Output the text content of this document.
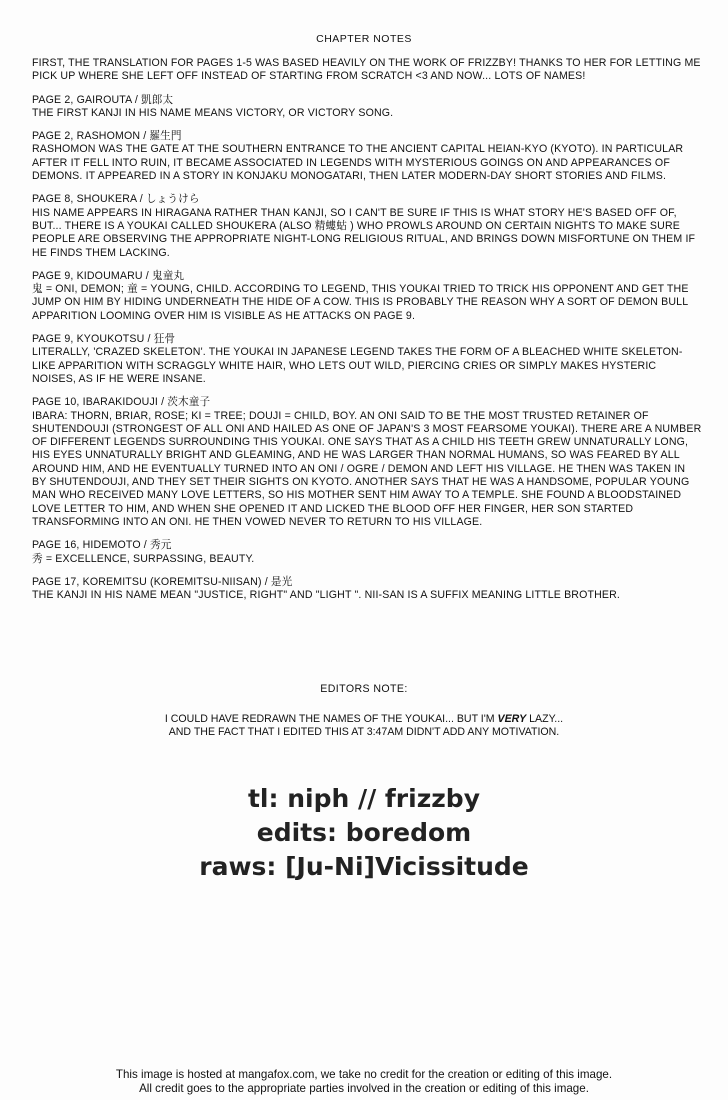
CHAPTER NOTES

FIRST, THE TRANSLATION FOR PAGES 1-5 WAS BASED HEAVILY ON THE WORK OF FRIZZBY! THANKS TO HER FOR LETTING ME PICK UP WHERE SHE LEFT OFF INSTEAD OF STARTING FROM SCRATCH <3 AND NOW... LOTS OF NAMES!

PAGE 2, GAIROUTA / 凱郎太

THE FIRST KANJI IN HIS NAME MEANS VICTORY, OR VICTORY SONG.

PAGE 2, RASHOMON / 羅生門

RASHOMON WAS THE GATE AT THE SOUTHERN ENTRANCE TO THE ANCIENT CAPITAL HEIAN-KYO (KYOTO). IN PARTICULAR AFTER IT FELL INTO RUIN, IT BECAME ASSOCIATED IN LEGENDS WITH MYSTERIOUS GOINGS ON AND APPEARANCES OF DEMONS. IT APPEARED IN A STORY IN KONJAKU MONOGATARI, THEN LATER MODERN-DAY SHORT STORIES AND FILMS.

PAGE 8, SHOUKERA / しょうけら

HIS NAME APPEARS IN HIRAGANA RATHER THAN KANJI, SO I CAN'T BE SURE IF THIS IS WHAT STORY HE'S BASED OFF OF, BUT... THERE IS A YOUKAI CALLED SHOUKERA (ALSO 精螻蛄 ) WHO PROWLS AROUND ON CERTAIN NIGHTS TO MAKE SURE PEOPLE ARE OBSERVING THE APPROPRIATE NIGHT-LONG RELIGIOUS RITUAL, AND BRINGS DOWN MISFORTUNE ON THEM IF HE FINDS THEM LACKING.

PAGE 9, KIDOUMARU / 鬼童丸

鬼 = ONI, DEMON; 童 = YOUNG, CHILD. ACCORDING TO LEGEND, THIS YOUKAI TRIED TO TRICK HIS OPPONENT AND GET THE JUMP ON HIM BY HIDING UNDERNEATH THE HIDE OF A COW. THIS IS PROBABLY THE REASON WHY A SORT OF DEMON BULL APPARITION LOOMING OVER HIM IS VISIBLE AS HE ATTACKS ON PAGE 9.

PAGE 9, KYOUKOTSU / 狂骨

LITERALLY, 'CRAZED SKELETON'. THE YOUKAI IN JAPANESE LEGEND TAKES THE FORM OF A BLEACHED WHITE SKELETON-LIKE APPARITION WITH SCRAGGLY WHITE HAIR, WHO LETS OUT WILD, PIERCING CRIES OR SIMPLY MAKES HYSTERIC NOISES, AS IF HE WERE INSANE.

PAGE 10, IBARAKIDOUJI / 茨木童子

IBARA: THORN, BRIAR, ROSE; KI = TREE; DOUJI = CHILD, BOY. AN ONI SAID TO BE THE MOST TRUSTED RETAINER OF SHUTENDOUJI (STRONGEST OF ALL ONI AND HAILED AS ONE OF JAPAN'S 3 MOST FEARSOME YOUKAI). THERE ARE A NUMBER OF DIFFERENT LEGENDS SURROUNDING THIS YOUKAI. ONE SAYS THAT AS A CHILD HIS TEETH GREW UNNATURALLY LONG, HIS EYES UNNATURALLY BRIGHT AND GLEAMING, AND HE WAS LARGER THAN NORMAL HUMANS, SO WAS FEARED BY ALL AROUND HIM, AND HE EVENTUALLY TURNED INTO AN ONI / OGRE / DEMON AND LEFT HIS VILLAGE. HE THEN WAS TAKEN IN BY SHUTENDOUJI, AND THEY SET THEIR SIGHTS ON KYOTO. ANOTHER SAYS THAT HE WAS A HANDSOME, POPULAR YOUNG MAN WHO RECEIVED MANY LOVE LETTERS, SO HIS MOTHER SENT HIM AWAY TO A TEMPLE. SHE FOUND A BLOODSTAINED LOVE LETTER TO HIM, AND WHEN SHE OPENED IT AND LICKED THE BLOOD OFF HER FINGER, HER SON STARTED TRANSFORMING INTO AN ONI. HE THEN VOWED NEVER TO RETURN TO HIS VILLAGE.

PAGE 16, HIDEMOTO / 秀元

秀 = EXCELLENCE, SURPASSING, BEAUTY.

PAGE 17, KOREMITSU (KOREMITSU-NIISAN) / 是光

THE KANJI IN HIS NAME MEAN "JUSTICE, RIGHT" AND "LIGHT ". NII-SAN IS A SUFFIX MEANING LITTLE BROTHER.

EDITORS NOTE:
I COULD HAVE REDRAWN THE NAMES OF THE YOUKAI... BUT I'M VERY LAZY...
AND THE FACT THAT I EDITED THIS AT 3:47AM DIDN'T ADD ANY MOTIVATION.
tl: niph // frizzby
edits: boredom
raws: [Ju-Ni]Vicissitude
This image is hosted at mangafox.com, we take no credit for the creation or editing of this image.
All credit goes to the appropriate parties involved in the creation or editing of this image.
